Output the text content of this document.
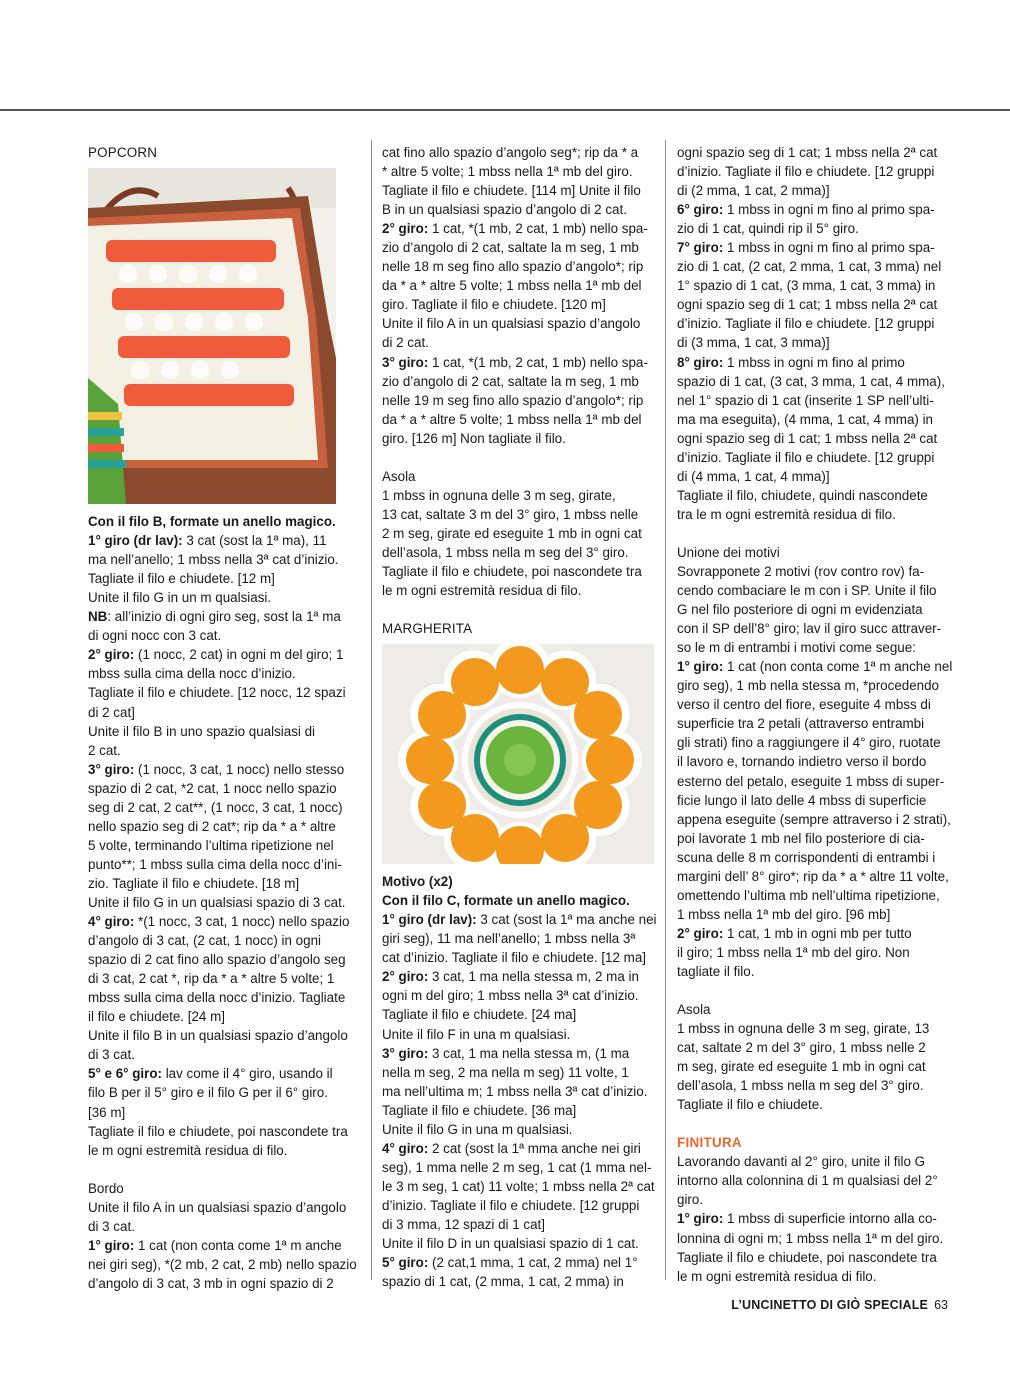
POPCORN

Con il filo B, formate un anello magico.

1° giro (dr lav): 3 cat (sost la 1ª ma), 11

ma nell’anello; 1 mbss nella 3ª cat d’inizio.

Tagliate il filo e chiudete. [12 m]

Unite il filo G in un m qualsiasi.

NB: all’inizio di ogni giro seg, sost la 1ª ma

di ogni nocc con 3 cat.

2° giro: (1 nocc, 2 cat) in ogni m del giro; 1

mbss sulla cima della nocc d’inizio.

Tagliate il filo e chiudete. [12 nocc, 12 spazi

di 2 cat]

Unite il filo B in uno spazio qualsiasi di

2 cat.

3° giro: (1 nocc, 3 cat, 1 nocc) nello stesso

spazio di 2 cat, *2 cat, 1 nocc nello spazio

seg di 2 cat, 2 cat**, (1 nocc, 3 cat, 1 nocc)

nello spazio seg di 2 cat*; rip da * a * altre

5 volte, terminando l’ultima ripetizione nel

punto**; 1 mbss sulla cima della nocc d’ini-

zio. Tagliate il filo e chiudete. [18 m]

Unite il filo G in un qualsiasi spazio di 3 cat.

4° giro: *(1 nocc, 3 cat, 1 nocc) nello spazio

d’angolo di 3 cat, (2 cat, 1 nocc) in ogni

spazio di 2 cat fino allo spazio d’angolo seg

di 3 cat, 2 cat *, rip da * a * altre 5 volte; 1

mbss sulla cima della nocc d’inizio. Tagliate

il filo e chiudete. [24 m]

Unite il filo B in un qualsiasi spazio d’angolo

di 3 cat.

5° e 6° giro: lav come il 4° giro, usando il

filo B per il 5° giro e il filo G per il 6° giro.

[36 m]

Tagliate il filo e chiudete, poi nascondete tra

le m ogni estremità residua di filo.

Bordo

Unite il filo A in un qualsiasi spazio d’angolo

di 3 cat.

1° giro: 1 cat (non conta come 1ª m anche

nei giri seg), *(2 mb, 2 cat, 2 mb) nello spazio

d’angolo di 3 cat, 3 mb in ogni spazio di 2

cat fino allo spazio d’angolo seg*; rip da * a

* altre 5 volte; 1 mbss nella 1ª mb del giro.

Tagliate il filo e chiudete. [114 m] Unite il filo

B in un qualsiasi spazio d’angolo di 2 cat.

2° giro: 1 cat, *(1 mb, 2 cat, 1 mb) nello spa-

zio d’angolo di 2 cat, saltate la m seg, 1 mb

nelle 18 m seg fino allo spazio d’angolo*; rip

da * a * altre 5 volte; 1 mbss nella 1ª mb del

giro. Tagliate il filo e chiudete. [120 m]

Unite il filo A in un qualsiasi spazio d’angolo

di 2 cat.

3° giro: 1 cat, *(1 mb, 2 cat, 1 mb) nello spa-

zio d’angolo di 2 cat, saltate la m seg, 1 mb

nelle 19 m seg fino allo spazio d’angolo*; rip

da * a * altre 5 volte; 1 mbss nella 1ª mb del

giro. [126 m] Non tagliate il filo.

Asola

1 mbss in ognuna delle 3 m seg, girate,

13 cat, saltate 3 m del 3° giro, 1 mbss nelle

2 m seg, girate ed eseguite 1 mb in ogni cat

dell’asola, 1 mbss nella m seg del 3° giro.

Tagliate il filo e chiudete, poi nascondete tra

le m ogni estremità residua di filo.

MARGHERITA

Motivo (x2)

Con il filo C, formate un anello magico.

1° giro (dr lav): 3 cat (sost la 1ª ma anche nei

giri seg), 11 ma nell’anello; 1 mbss nella 3ª

cat d’inizio. Tagliate il filo e chiudete. [12 ma]

2° giro: 3 cat, 1 ma nella stessa m, 2 ma in

ogni m del giro; 1 mbss nella 3ª cat d’inizio.

Tagliate il filo e chiudete. [24 ma]

Unite il filo F in una m qualsiasi.

3° giro: 3 cat, 1 ma nella stessa m, (1 ma

nella m seg, 2 ma nella m seg) 11 volte, 1

ma nell’ultima m; 1 mbss nella 3ª cat d’inizio.

Tagliate il filo e chiudete. [36 ma]

Unite il filo G in una m qualsiasi.

4° giro: 2 cat (sost la 1ª mma anche nei giri

seg), 1 mma nelle 2 m seg, 1 cat (1 mma nel-

le 3 m seg, 1 cat) 11 volte; 1 mbss nella 2ª cat

d’inizio. Tagliate il filo e chiudete. [12 gruppi

di 3 mma, 12 spazi di 1 cat]

Unite il filo D in un qualsiasi spazio di 1 cat.

5° giro: (2 cat,1 mma, 1 cat, 2 mma) nel 1°

spazio di 1 cat, (2 mma, 1 cat, 2 mma) in

ogni spazio seg di 1 cat; 1 mbss nella 2ª cat

d’inizio. Tagliate il filo e chiudete. [12 gruppi

di (2 mma, 1 cat, 2 mma)]

6° giro: 1 mbss in ogni m fino al primo spa-

zio di 1 cat, quindi rip il 5° giro.

7° giro: 1 mbss in ogni m fino al primo spa-

zio di 1 cat, (2 cat, 2 mma, 1 cat, 3 mma) nel

1° spazio di 1 cat, (3 mma, 1 cat, 3 mma) in

ogni spazio seg di 1 cat; 1 mbss nella 2ª cat

d’inizio. Tagliate il filo e chiudete. [12 gruppi

di (3 mma, 1 cat, 3 mma)]

8° giro: 1 mbss in ogni m fino al primo

spazio di 1 cat, (3 cat, 3 mma, 1 cat, 4 mma),

nel 1° spazio di 1 cat (inserite 1 SP nell’ulti-

ma ma eseguita), (4 mma, 1 cat, 4 mma) in

ogni spazio seg di 1 cat; 1 mbss nella 2ª cat

d’inizio. Tagliate il filo e chiudete. [12 gruppi

di (4 mma, 1 cat, 4 mma)]

Tagliate il filo, chiudete, quindi nascondete

tra le m ogni estremità residua di filo.

Unione dei motivi

Sovrapponete 2 motivi (rov contro rov) fa-

cendo combaciare le m con i SP. Unite il filo

G nel filo posteriore di ogni m evidenziata

con il SP dell’8° giro; lav il giro succ attraver-

so le m di entrambi i motivi come segue:

1° giro: 1 cat (non conta come 1ª m anche nel

giro seg), 1 mb nella stessa m, *procedendo

verso il centro del fiore, eseguite 4 mbss di

superficie tra 2 petali (attraverso entrambi

gli strati) fino a raggiungere il 4° giro, ruotate

il lavoro e, tornando indietro verso il bordo

esterno del petalo, eseguite 1 mbss di super-

ficie lungo il lato delle 4 mbss di superficie

appena eseguite (sempre attraverso i 2 strati),

poi lavorate 1 mb nel filo posteriore di cia-

scuna delle 8 m corrispondenti di entrambi i

margini dell’ 8° giro*; rip da * a * altre 11 volte,

omettendo l’ultima mb nell’ultima ripetizione,

1 mbss nella 1ª mb del giro. [96 mb]

2° giro: 1 cat, 1 mb in ogni mb per tutto

il giro; 1 mbss nella 1ª mb del giro. Non

tagliate il filo.

Asola

1 mbss in ognuna delle 3 m seg, girate, 13

cat, saltate 2 m del 3° giro, 1 mbss nelle 2

m seg, girate ed eseguite 1 mb in ogni cat

dell’asola, 1 mbss nella m seg del 3° giro.

Tagliate il filo e chiudete.

FINITURA

Lavorando davanti al 2° giro, unite il filo G

intorno alla colonnina di 1 m qualsiasi del 2°

giro.

1° giro: 1 mbss di superficie intorno alla co-

lonnina di ogni m; 1 mbss nella 1ª m del giro.

Tagliate il filo e chiudete, poi nascondete tra

le m ogni estremità residua di filo.

L’UNCINETTO DI GIÒ SPECIALE 63
